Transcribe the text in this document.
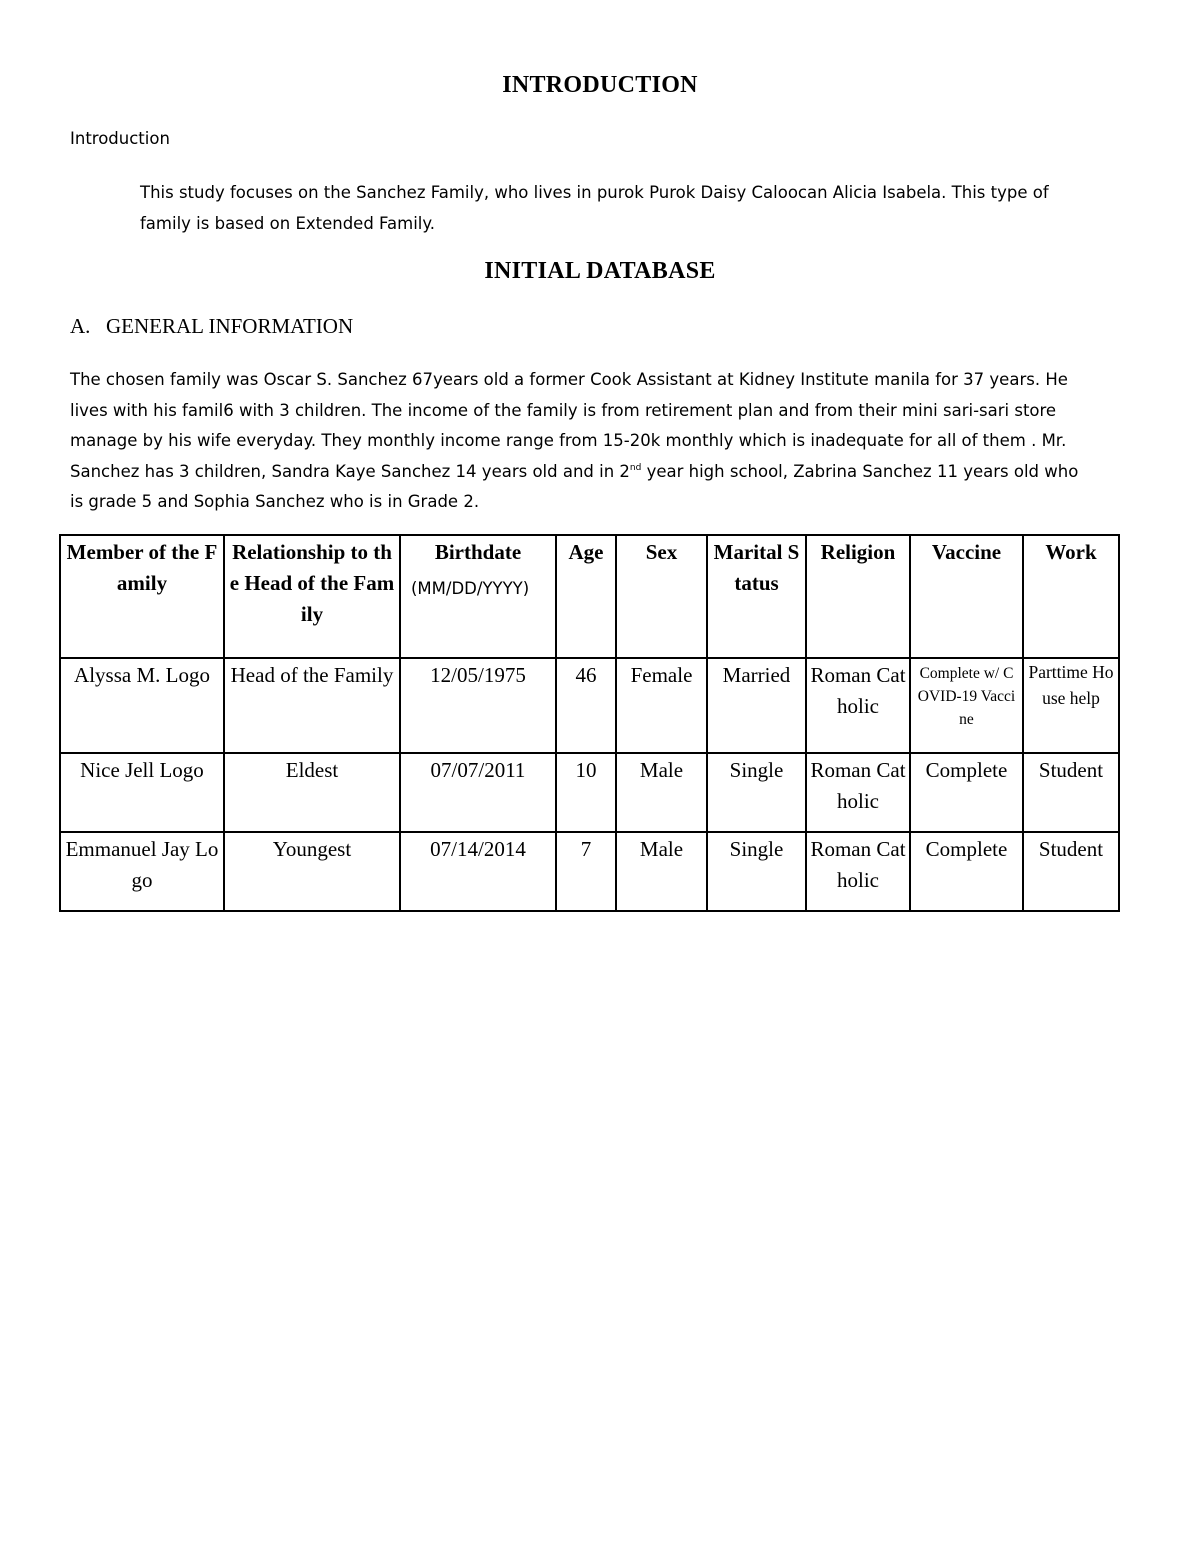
INTRODUCTION
Introduction
This study focuses on the Sanchez Family, who lives in purok Purok Daisy Caloocan Alicia Isabela. This type of
family is based on Extended Family.
INITIAL DATABASE
A. GENERAL INFORMATION
The chosen family was Oscar S. Sanchez 67years old a former Cook Assistant at Kidney Institute manila for 37 years. He
lives with his famil6 with 3 children. The income of the family is from retirement plan and from their mini sari-sari store
manage by his wife everyday. They monthly income range from 15-20k monthly which is inadequate for all of them . Mr.
Sanchez has 3 children, Sandra Kaye Sanchez 14 years old and in 2nd year high school, Zabrina Sanchez 11 years old who
is grade 5 and Sophia Sanchez who is in Grade 2.
Member of the Family	Relationship to the Head of the Family	Birthdate
(MM/DD/YYYY)	Age	Sex	Marital Status	Religion	Vaccine	Work
Alyssa M. Logo	Head of the Family	12/05/1975	46	Female	Married	Roman Catholic	Complete w/ COVID-19 Vaccine	Parttime House help
Nice Jell Logo	Eldest	07/07/2011	10	Male	Single	Roman Catholic	Complete	Student
Emmanuel Jay Logo	Youngest	07/14/2014	7	Male	Single	Roman Catholic	Complete	Student
